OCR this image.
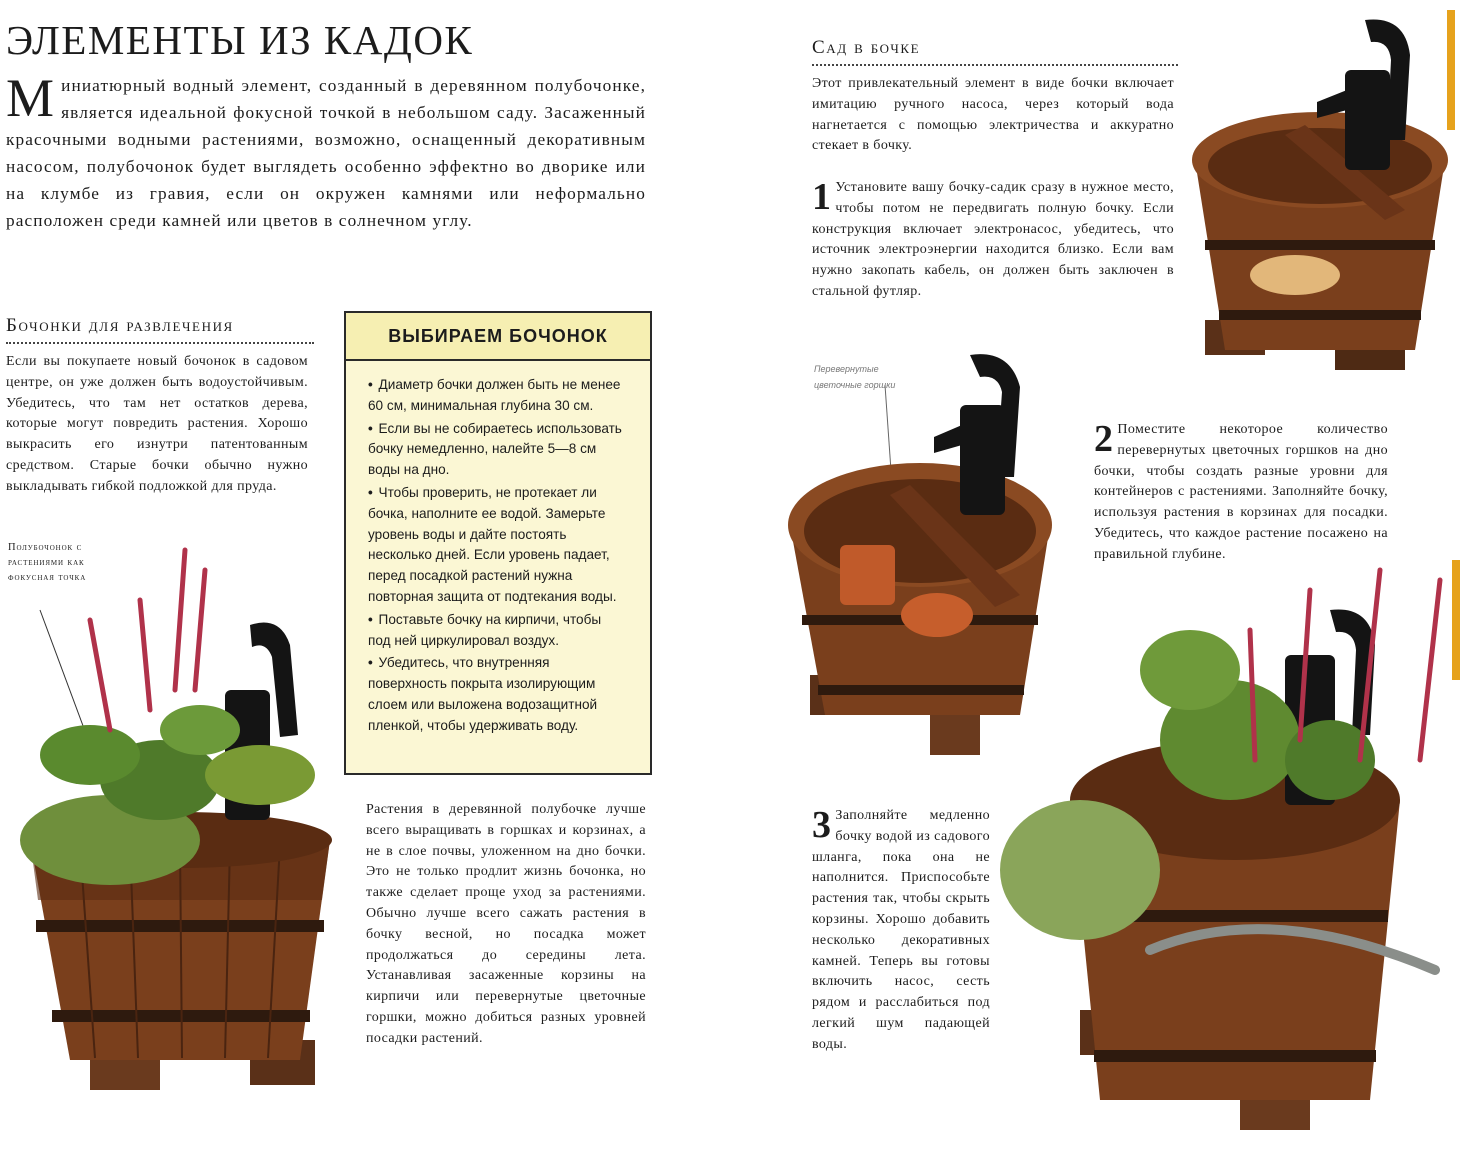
ЭЛЕМЕНТЫ ИЗ КАДОК
Миниатюрный водный элемент, созданный в деревянном полубочонке, является идеальной фокусной точкой в небольшом саду. Засаженный красочными водными растениями, возможно, оснащенный декоративным насосом, полубочонок будет выглядеть особенно эффектно во дворике или на клумбе из гравия, если он окружен камнями или неформально расположен среди камней или цветов в солнечном углу.
Бочонки для развлечения
Если вы покупаете новый бочонок в садовом центре, он уже должен быть водоустойчивым. Убедитесь, что там нет остатков дерева, которые могут повредить растения. Хорошо выкрасить его изнутри патентованным средством. Старые бочки обычно нужно выкладывать гибкой подложкой для пруда.
Полубочонок с растениями как фокусная точка
ВЫБИРАЕМ БОЧОНОК
• Диаметр бочки должен быть не менее 60 см, минимальная глубина 30 см.
• Если вы не собираетесь использовать бочку немедленно, налейте 5—8 см воды на дно.
• Чтобы проверить, не протекает ли бочка, наполните ее водой. Замерьте уровень воды и дайте постоять несколько дней. Если уровень падает, перед посадкой растений нужна повторная защита от подтекания воды.
• Поставьте бочку на кирпичи, чтобы под ней циркулировал воздух.
• Убедитесь, что внутренняя поверхность покрыта изолирующим слоем или выложена водозащитной пленкой, чтобы удерживать воду.
Растения в деревянной полубочке лучше всего выращивать в горшках и корзинах, а не в слое почвы, уложенном на дно бочки. Это не только продлит жизнь бочонка, но также сделает проще уход за растениями. Обычно лучше всего сажать растения в бочку весной, но посадка может продолжаться до середины лета. Устанавливая засаженные корзины на кирпичи или перевернутые цветочные горшки, можно добиться разных уровней посадки растений.
Сад в бочке
Этот привлекательный элемент в виде бочки включает имитацию ручного насоса, через который вода нагнетается с помощью электричества и аккуратно стекает в бочку.
1 Установите вашу бочку-садик сразу в нужное место, чтобы потом не передвигать полную бочку. Если конструкция включает электронасос, убедитесь, что источник электроэнергии находится близко. Если вам нужно закопать кабель, он должен быть заключен в стальной футляр.
Перевернутые цветочные горшки
2 Поместите некоторое количество перевернутых цветочных горшков на дно бочки, чтобы создать разные уровни для контейнеров с растениями. Заполняйте бочку, используя растения в корзинах для посадки. Убедитесь, что каждое растение посажено на правильной глубине.
3 Заполняйте медленно бочку водой из садового шланга, пока она не наполнится. Приспособьте растения так, чтобы скрыть корзины. Хорошо добавить несколько декоративных камней. Теперь вы готовы включить насос, сесть рядом и расслабиться под легкий шум падающей воды.
